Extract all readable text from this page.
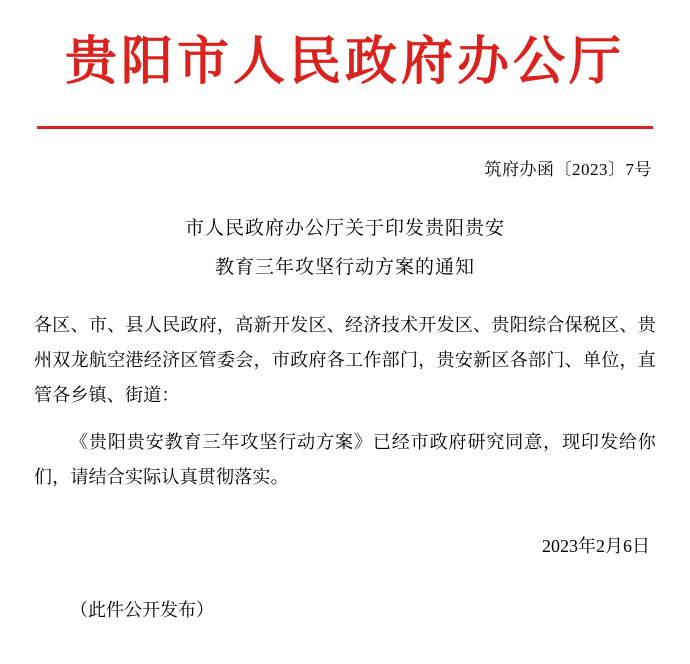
贵阳市人民政府办公厅
筑府办函〔2023〕7号
市人民政府办公厅关于印发贵阳贵安
教育三年攻坚行动方案的通知

各区、市、县人民政府，高新开发区、经济技术开发区、贵阳综合保税区、贵州双龙航空港经济区管委会，市政府各工作部门，贵安新区各部门、单位，直管各乡镇、街道：

《贵阳贵安教育三年攻坚行动方案》已经市政府研究同意，现印发给你们，请结合实际认真贯彻落实。

2023年2月6日
（此件公开发布）
